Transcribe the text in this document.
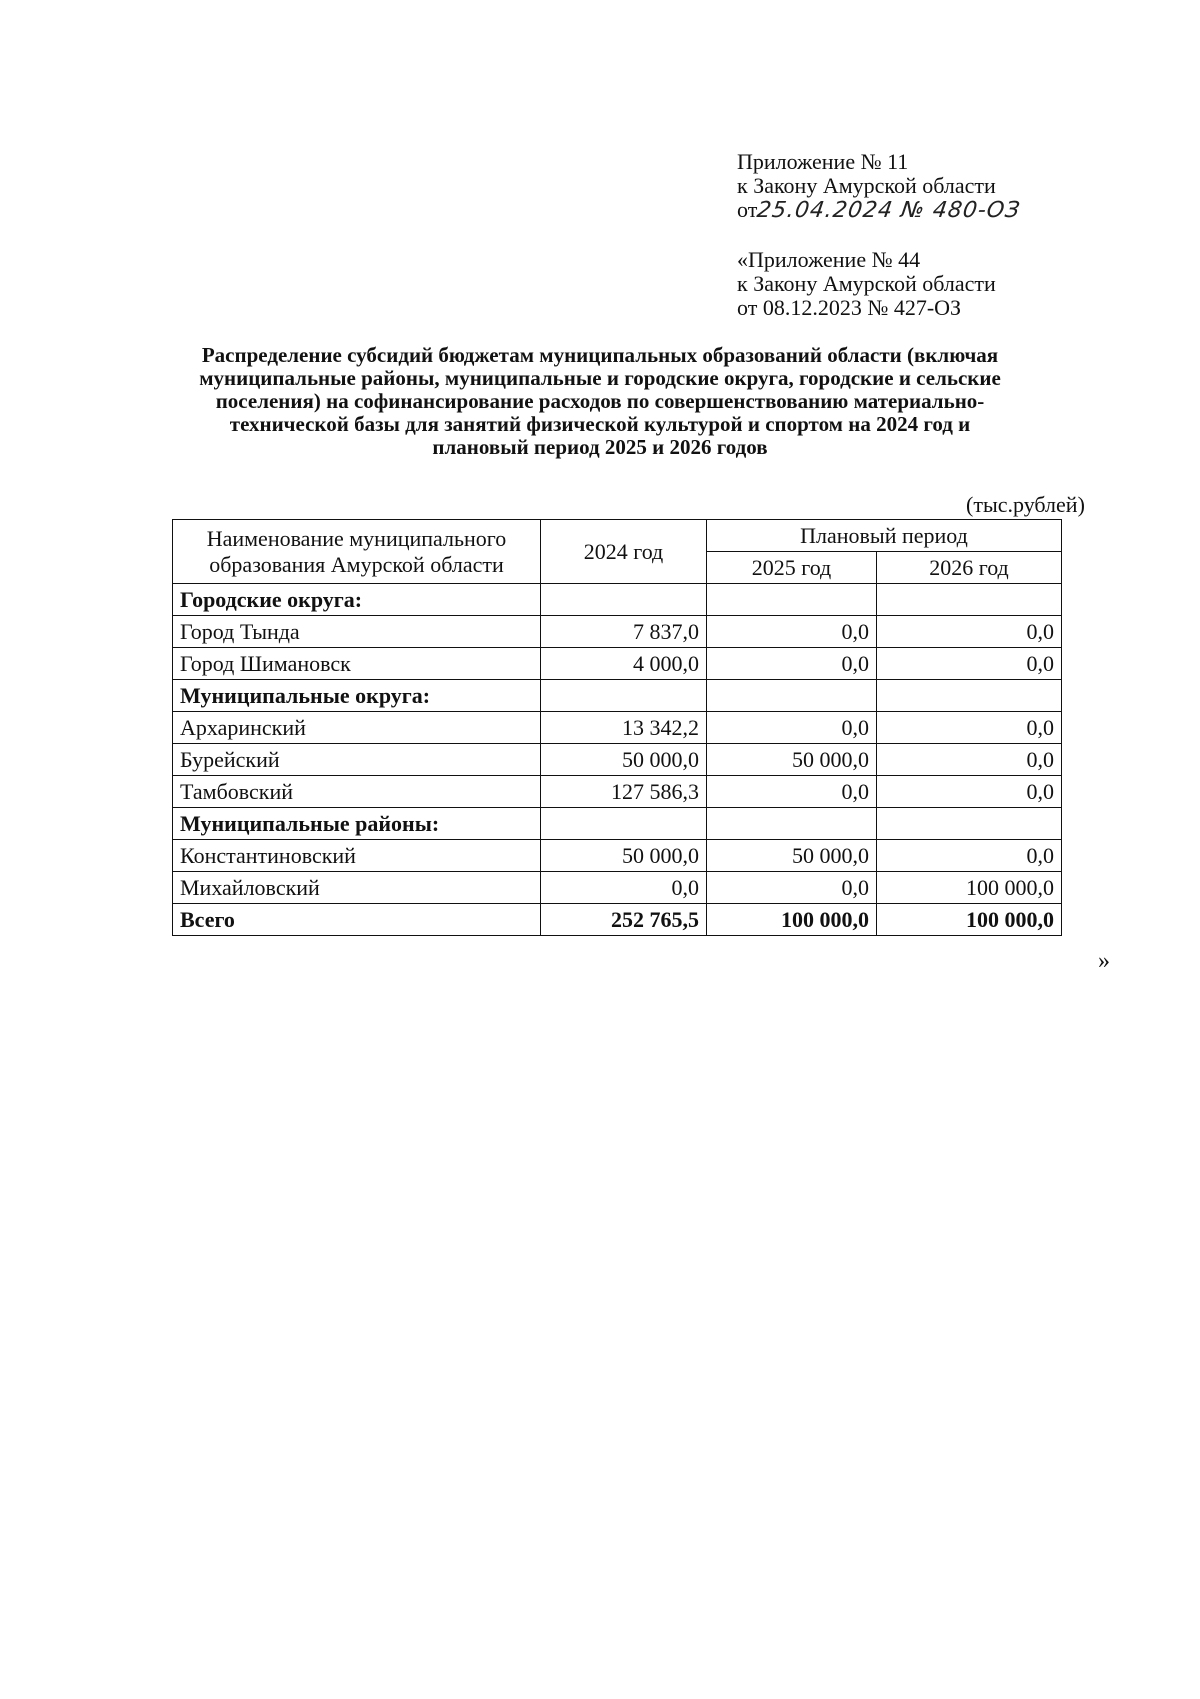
Приложение № 11
к Закону Амурской области
от25.04.2024 № 480-ОЗ
«Приложение № 44
к Закону Амурской области
от 08.12.2023 № 427-ОЗ
Распределение субсидий бюджетам муниципальных образований области (включая
муниципальные районы, муниципальные и городские округа, городские и сельские
поселения) на софинансирование расходов по совершенствованию материально-
технической базы для занятий физической культурой и спортом на 2024 год и
плановый период 2025 и 2026 годов
(тыс.рублей)
Наименование муниципального
образования Амурской области	2024 год	Плановый период	
		2025 год	2026 год
Городские округа:			
Город Тында	7 837,0	0,0	0,0
Город Шимановск	4 000,0	0,0	0,0
Муниципальные округа:			
Архаринский	13 342,2	0,0	0,0
Бурейский	50 000,0	50 000,0	0,0
Тамбовский	127 586,3	0,0	0,0
Муниципальные районы:			
Константиновский	50 000,0	50 000,0	0,0
Михайловский	0,0	0,0	100 000,0
Всего	252 765,5	100 000,0	100 000,0
»
